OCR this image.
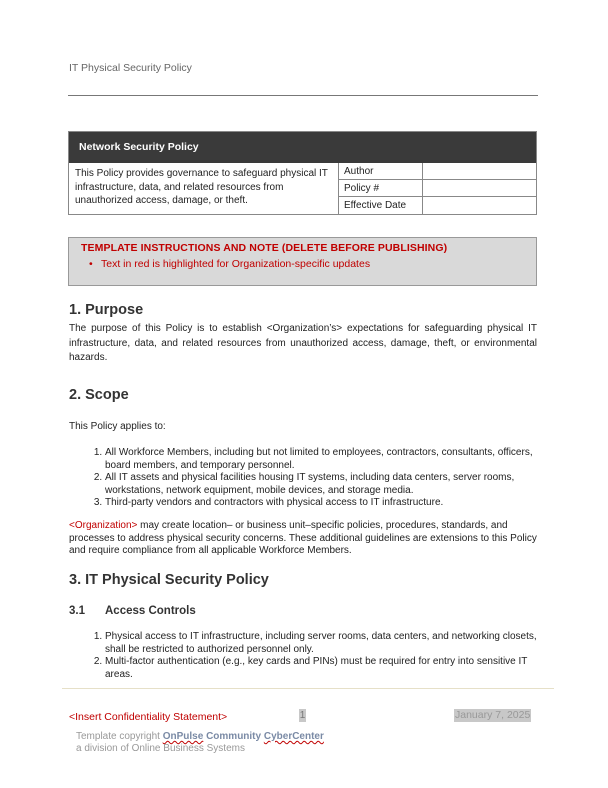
IT Physical Security Policy
Network Security Policy
This Policy provides governance to safeguard physical IT infrastructure, data, and related resources from unauthorized access, damage, or theft.
Author
Policy #
Effective Date
TEMPLATE INSTRUCTIONS AND NOTE (DELETE BEFORE PUBLISHING)
• Text in red is highlighted for Organization-specific updates
1. Purpose

The purpose of this Policy is to establish <Organization’s> expectations for safeguarding physical IT infrastructure, data, and related resources from unauthorized access, damage, theft, or environmental hazards.

2. Scope

This Policy applies to:

1. All Workforce Members, including but not limited to employees, contractors, consultants, officers, board members, and temporary personnel.
2. All IT assets and physical facilities housing IT systems, including data centers, server rooms, workstations, network equipment, mobile devices, and storage media.
3. Third-party vendors and contractors with physical access to IT infrastructure.

<Organization> may create location– or business unit–specific policies, procedures, standards, and processes to address physical security concerns. These additional guidelines are extensions to this Policy and require compliance from all applicable Workforce Members.

3. IT Physical Security Policy
3.1 Access Controls
1. Physical access to IT infrastructure, including server rooms, data centers, and networking closets, shall be restricted to authorized personnel only.
2. Multi-factor authentication (e.g., key cards and PINs) must be required for entry into sensitive IT areas.
<Insert Confidentiality Statement>	1	January 7, 2025
Template copyright OnPulse Community CyberCenter
a division of Online Business Systems
